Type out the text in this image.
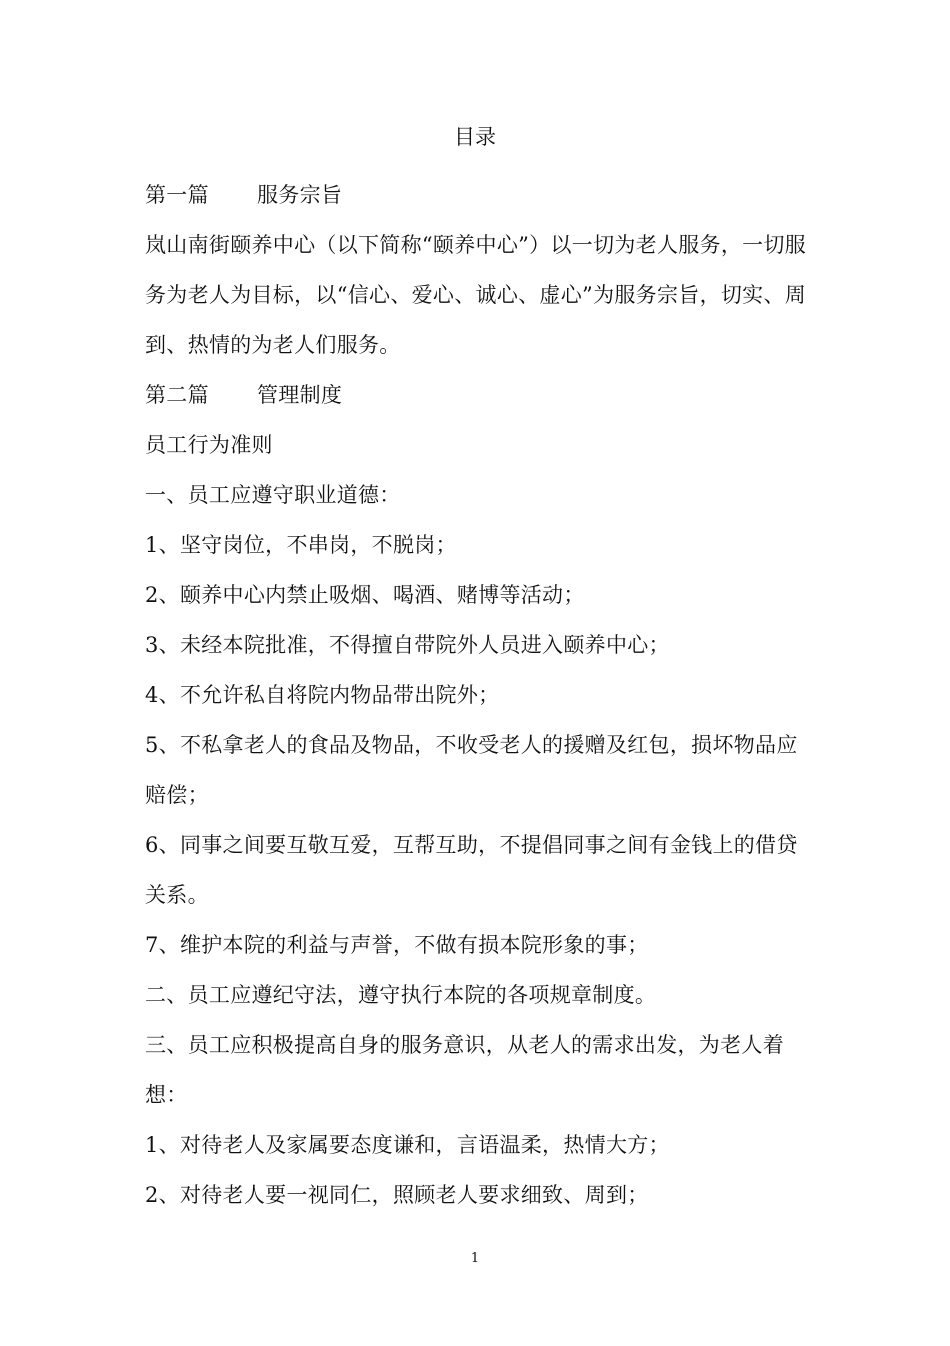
目录

第一篇 服务宗旨

岚山南街颐养中心（以下简称“颐养中心”）以一切为老人服务，一切服务为老人为目标，以“信心、爱心、诚心、虚心”为服务宗旨，切实、周到、热情的为老人们服务。

第二篇 管理制度

员工行为准则

一、员工应遵守职业道德：

1、坚守岗位，不串岗，不脱岗；

2、颐养中心内禁止吸烟、喝酒、赌博等活动；

3、未经本院批准，不得擅自带院外人员进入颐养中心；

4、不允许私自将院内物品带出院外；

5、不私拿老人的食品及物品，不收受老人的援赠及红包，损坏物品应赔偿；

6、同事之间要互敬互爱，互帮互助，不提倡同事之间有金钱上的借贷关系。

7、维护本院的利益与声誉，不做有损本院形象的事；

二、员工应遵纪守法，遵守执行本院的各项规章制度。

三、员工应积极提高自身的服务意识，从老人的需求出发，为老人着想：

1、对待老人及家属要态度谦和，言语温柔，热情大方；

2、对待老人要一视同仁，照顾老人要求细致、周到；

1
